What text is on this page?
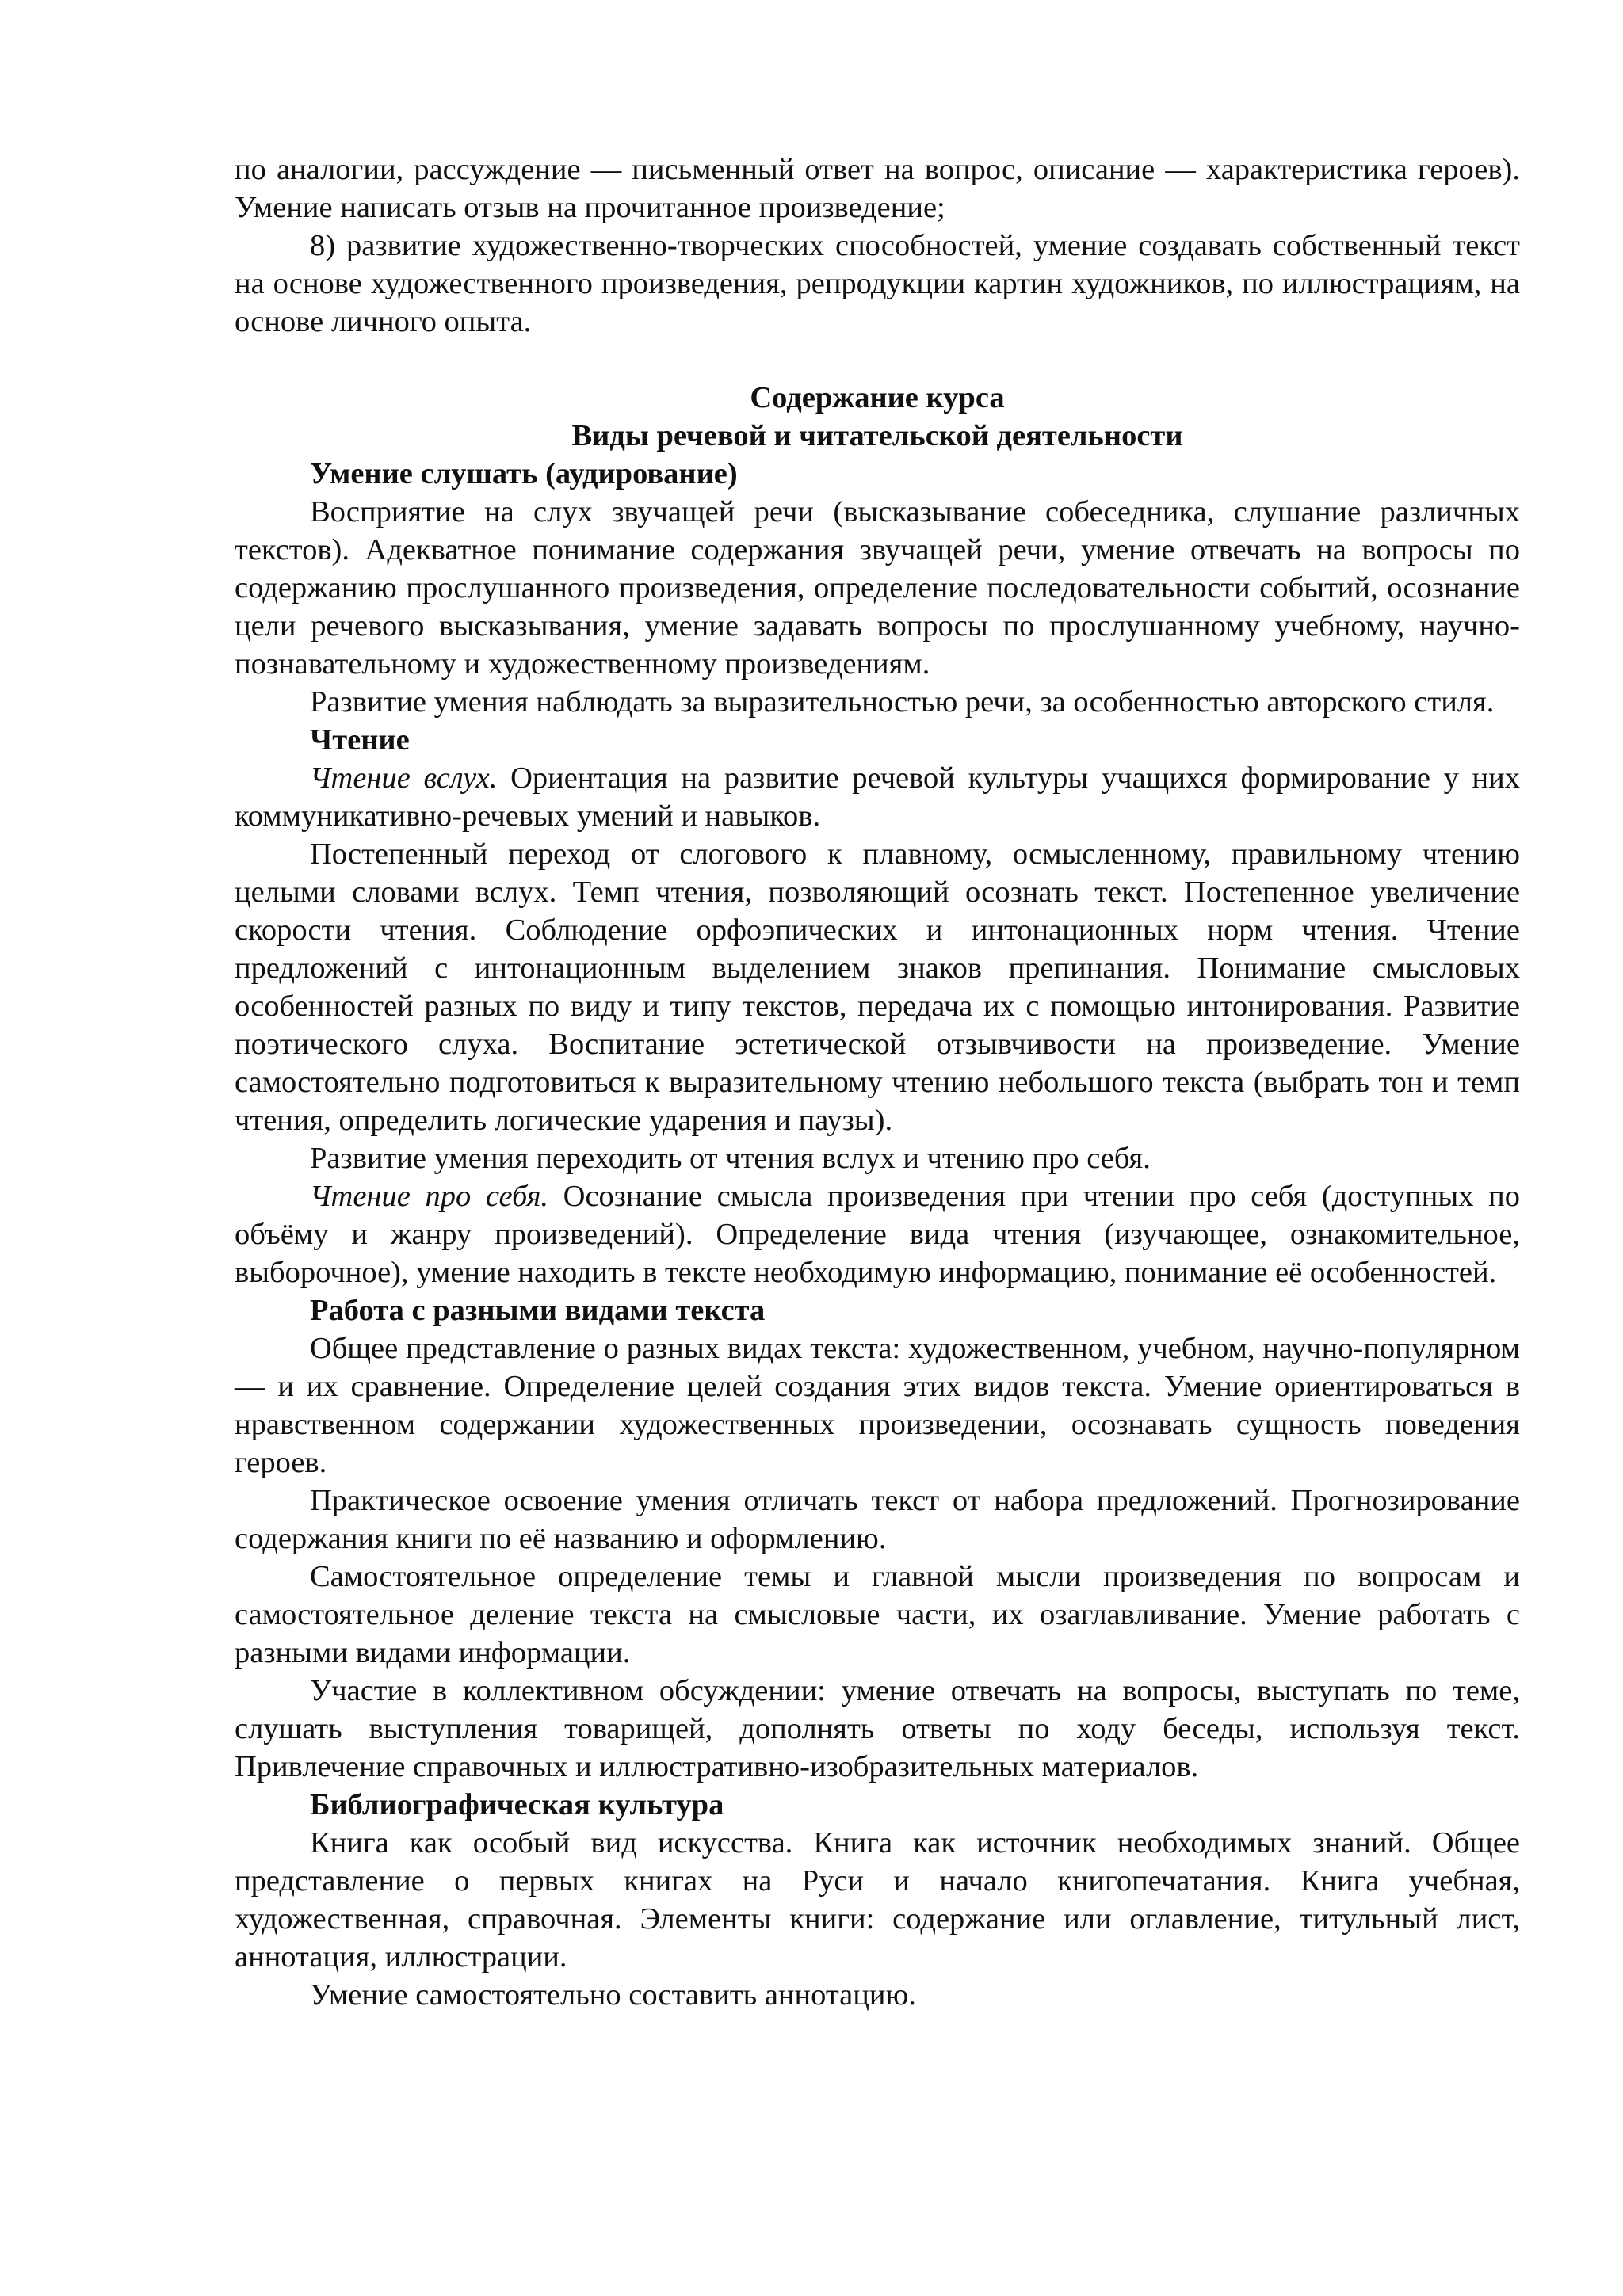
по аналогии, рассуждение — письменный ответ на вопрос, описание — характеристика героев). Умение написать отзыв на прочитанное произведение;

8) развитие художественно-творческих способностей, умение создавать собственный текст на основе художественного произведения, репродукции картин художников, по иллюстрациям, на основе личного опыта.

Содержание курса

Виды речевой и читательской деятельности

Умение слушать (аудирование)

Восприятие на слух звучащей речи (высказывание собеседника, слушание различных текстов). Адекватное понимание содержания звучащей речи, умение отвечать на вопросы по содержанию прослушанного произведения, определение последовательности событий, осознание цели речевого высказывания, умение задавать вопросы по прослушанному учебному, научно-познавательному и художественному произведениям.

Развитие умения наблюдать за выразительностью речи, за особенностью авторского стиля.

Чтение

Чтение вслух. Ориентация на развитие речевой культуры учащихся формирование у них коммуникативно-речевых умений и навыков.

Постепенный переход от слогового к плавному, осмысленному, правильному чтению целыми словами вслух. Темп чтения, позволяющий осознать текст. Постепенное увеличение скорости чтения. Соблюдение орфоэпических и интонационных норм чтения. Чтение предложений с интонационным выделением знаков препинания. Понимание смысловых особенностей разных по виду и типу текстов, передача их с помощью интонирования. Развитие поэтического слуха. Воспитание эстетической отзывчивости на произведение. Умение самостоятельно подготовиться к выразительному чтению небольшого текста (выбрать тон и темп чтения, определить логические ударения и паузы).

Развитие умения переходить от чтения вслух и чтению про себя.

Чтение про себя. Осознание смысла произведения при чтении про себя (доступных по объёму и жанру произведений). Определение вида чтения (изучающее, ознакомительное, выборочное), умение находить в тексте необходимую информацию, понимание её особенностей.

Работа с разными видами текста

Общее представление о разных видах текста: художественном, учебном, научно-популярном — и их сравнение. Определение целей создания этих видов текста. Умение ориентироваться в нравственном содержании художественных произведении, осознавать сущность поведения героев.

Практическое освоение умения отличать текст от набора предложений. Прогнозирование содержания книги по её названию и оформлению.

Самостоятельное определение темы и главной мысли произведения по вопросам и самостоятельное деление текста на смысловые части, их озаглавливание. Умение работать с разными видами информации.

Участие в коллективном обсуждении: умение отвечать на вопросы, выступать по теме, слушать выступления товарищей, дополнять ответы по ходу беседы, используя текст. Привлечение справочных и иллюстративно-изобразительных материалов.

Библиографическая культура

Книга как особый вид искусства. Книга как источник необходимых знаний. Общее представление о первых книгах на Руси и начало книгопечатания. Книга учебная, художественная, справочная. Элементы книги: содержание или оглавление, титульный лист, аннотация, иллюстрации.

Умение самостоятельно составить аннотацию.
